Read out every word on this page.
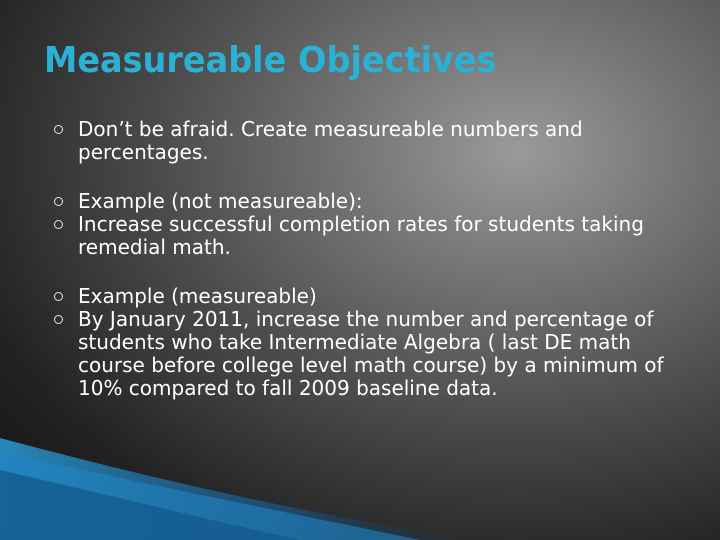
Measureable Objectives
Don’t be afraid. Create measureable numbers and percentages.
Example (not measureable):
Increase successful completion rates for students taking remedial math.
Example (measureable)
By January 2011, increase the number and percentage of students who take Intermediate Algebra ( last DE math course before college level math course) by a minimum of 10% compared to fall 2009 baseline data.
